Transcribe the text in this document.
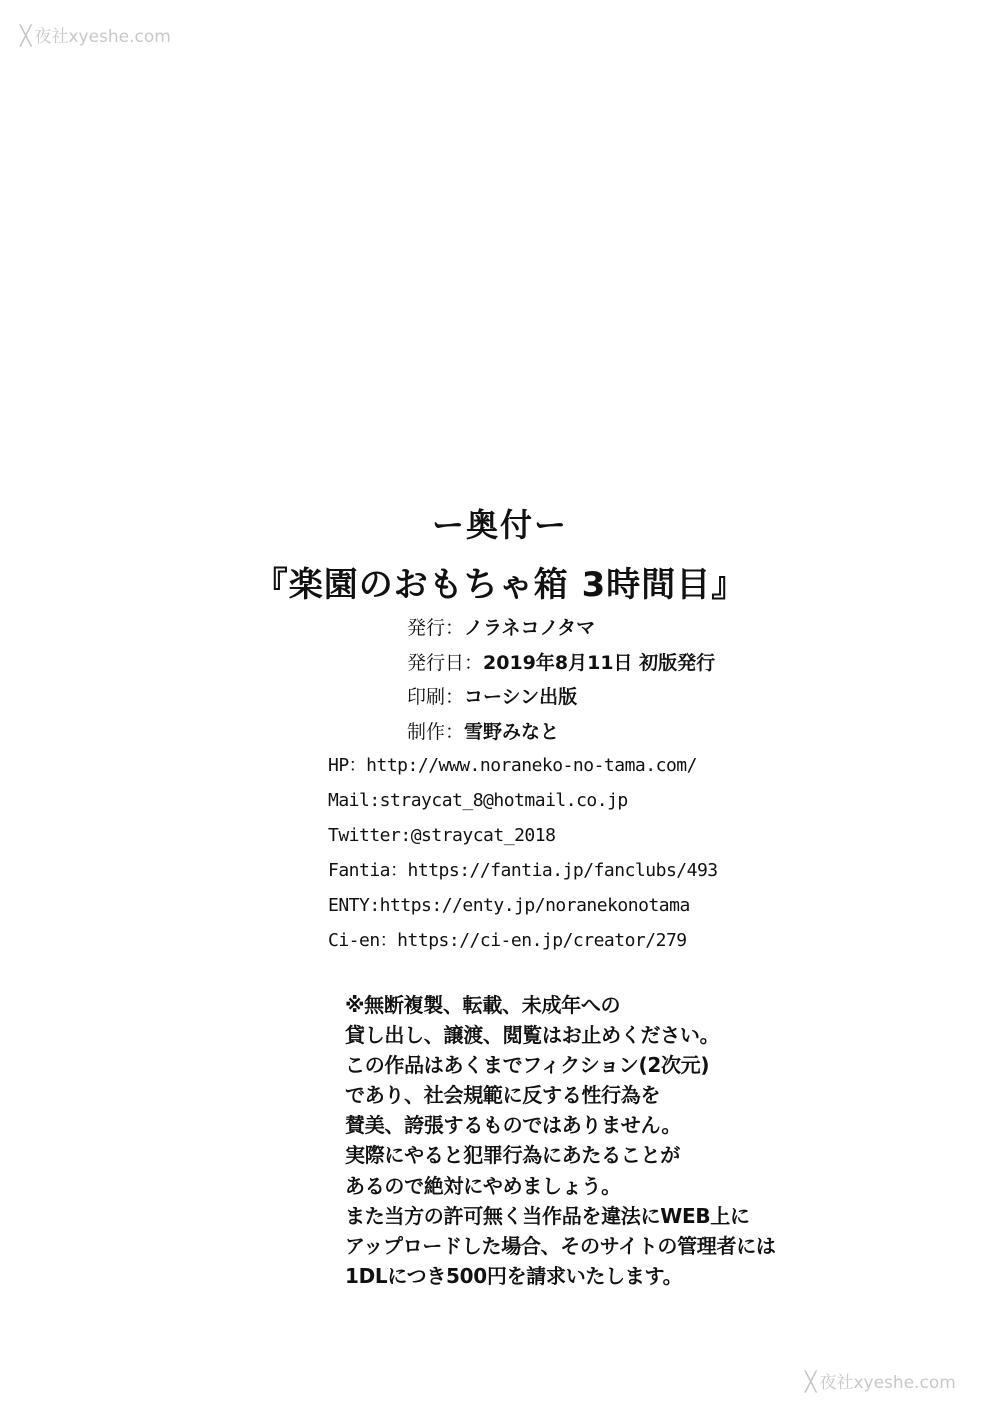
╳ 夜社xyeshe.com
╳ 夜社xyeshe.com
ー奥付ー
『楽園のおもちゃ箱 3時間目』
発行：ノラネコノタマ
発行日：2019年8月11日 初版発行
印刷：コーシン出版
制作：雪野みなと
HP：http://www.noraneko-no-tama.com/
Mail:straycat_8@hotmail.co.jp
Twitter:@straycat_2018
Fantia：https://fantia.jp/fanclubs/493
ENTY:https://enty.jp/noranekonotama
Ci-en：https://ci-en.jp/creator/279
※無断複製、転載、未成年への
貸し出し、譲渡、閲覧はお止めください。
この作品はあくまでフィクション(2次元)
であり、社会規範に反する性行為を
賛美、誇張するものではありません。
実際にやると犯罪行為にあたることが
あるので絶対にやめましょう。
また当方の許可無く当作品を違法にWEB上に
アップロードした場合、そのサイトの管理者には
1DLにつき500円を請求いたします。
